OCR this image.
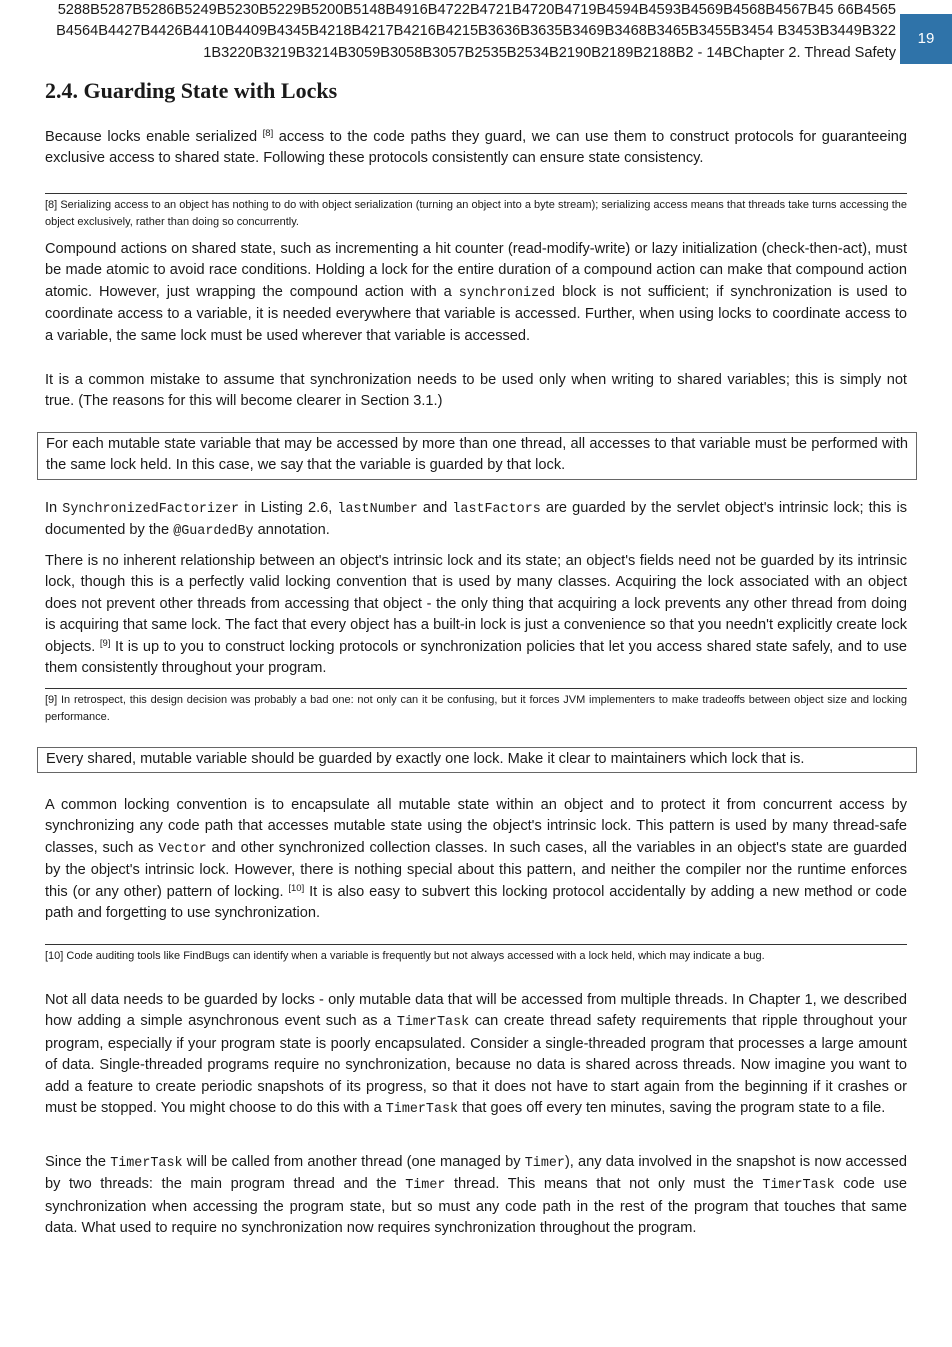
5288B5287B5286B5249B5230B5229B5200B5148B4916B4722B4721B4720B4719B4594B4593B4569B4568B4567B45 66B4565B4564B4427B4426B4410B4409B4345B4218B4217B4216B4215B3636B3635B3469B3468B3465B3455B3454 B3453B3449B3221B3220B3219B3214B3059B3058B3057B2535B2534B2190B2189B2188B2 - 14BChapter 2. Thread Safety

19
2.4. Guarding State with Locks

Because locks enable serialized [8] access to the code paths they guard, we can use them to construct protocols for guaranteeing exclusive access to shared state. Following these protocols consistently can ensure state consistency.

[8] Serializing access to an object has nothing to do with object serialization (turning an object into a byte stream); serializing access means that threads take turns accessing the object exclusively, rather than doing so concurrently.

Compound actions on shared state, such as incrementing a hit counter (read-modify-write) or lazy initialization (check-then-act), must be made atomic to avoid race conditions. Holding a lock for the entire duration of a compound action can make that compound action atomic. However, just wrapping the compound action with a synchronized block is not sufficient; if synchronization is used to coordinate access to a variable, it is needed everywhere that variable is accessed. Further, when using locks to coordinate access to a variable, the same lock must be used wherever that variable is accessed.

It is a common mistake to assume that synchronization needs to be used only when writing to shared variables; this is simply not true. (The reasons for this will become clearer in Section 3.1.)

For each mutable state variable that may be accessed by more than one thread, all accesses to that variable must be performed with the same lock held. In this case, we say that the variable is guarded by that lock.

In SynchronizedFactorizer in Listing 2.6, lastNumber and lastFactors are guarded by the servlet object's intrinsic lock; this is documented by the @GuardedBy annotation.

There is no inherent relationship between an object's intrinsic lock and its state; an object's fields need not be guarded by its intrinsic lock, though this is a perfectly valid locking convention that is used by many classes. Acquiring the lock associated with an object does not prevent other threads from accessing that object - the only thing that acquiring a lock prevents any other thread from doing is acquiring that same lock. The fact that every object has a built-in lock is just a convenience so that you needn't explicitly create lock objects. [9] It is up to you to construct locking protocols or synchronization policies that let you access shared state safely, and to use them consistently throughout your program.

[9] In retrospect, this design decision was probably a bad one: not only can it be confusing, but it forces JVM implementers to make tradeoffs between object size and locking performance.

Every shared, mutable variable should be guarded by exactly one lock. Make it clear to maintainers which lock that is.

A common locking convention is to encapsulate all mutable state within an object and to protect it from concurrent access by synchronizing any code path that accesses mutable state using the object's intrinsic lock. This pattern is used by many thread-safe classes, such as Vector and other synchronized collection classes. In such cases, all the variables in an object's state are guarded by the object's intrinsic lock. However, there is nothing special about this pattern, and neither the compiler nor the runtime enforces this (or any other) pattern of locking. [10] It is also easy to subvert this locking protocol accidentally by adding a new method or code path and forgetting to use synchronization.

[10] Code auditing tools like FindBugs can identify when a variable is frequently but not always accessed with a lock held, which may indicate a bug.

Not all data needs to be guarded by locks - only mutable data that will be accessed from multiple threads. In Chapter 1, we described how adding a simple asynchronous event such as a TimerTask can create thread safety requirements that ripple throughout your program, especially if your program state is poorly encapsulated. Consider a single-threaded program that processes a large amount of data. Single-threaded programs require no synchronization, because no data is shared across threads. Now imagine you want to add a feature to create periodic snapshots of its progress, so that it does not have to start again from the beginning if it crashes or must be stopped. You might choose to do this with a TimerTask that goes off every ten minutes, saving the program state to a file.

Since the TimerTask will be called from another thread (one managed by Timer), any data involved in the snapshot is now accessed by two threads: the main program thread and the Timer thread. This means that not only must the TimerTask code use synchronization when accessing the program state, but so must any code path in the rest of the program that touches that same data. What used to require no synchronization now requires synchronization throughout the program.
